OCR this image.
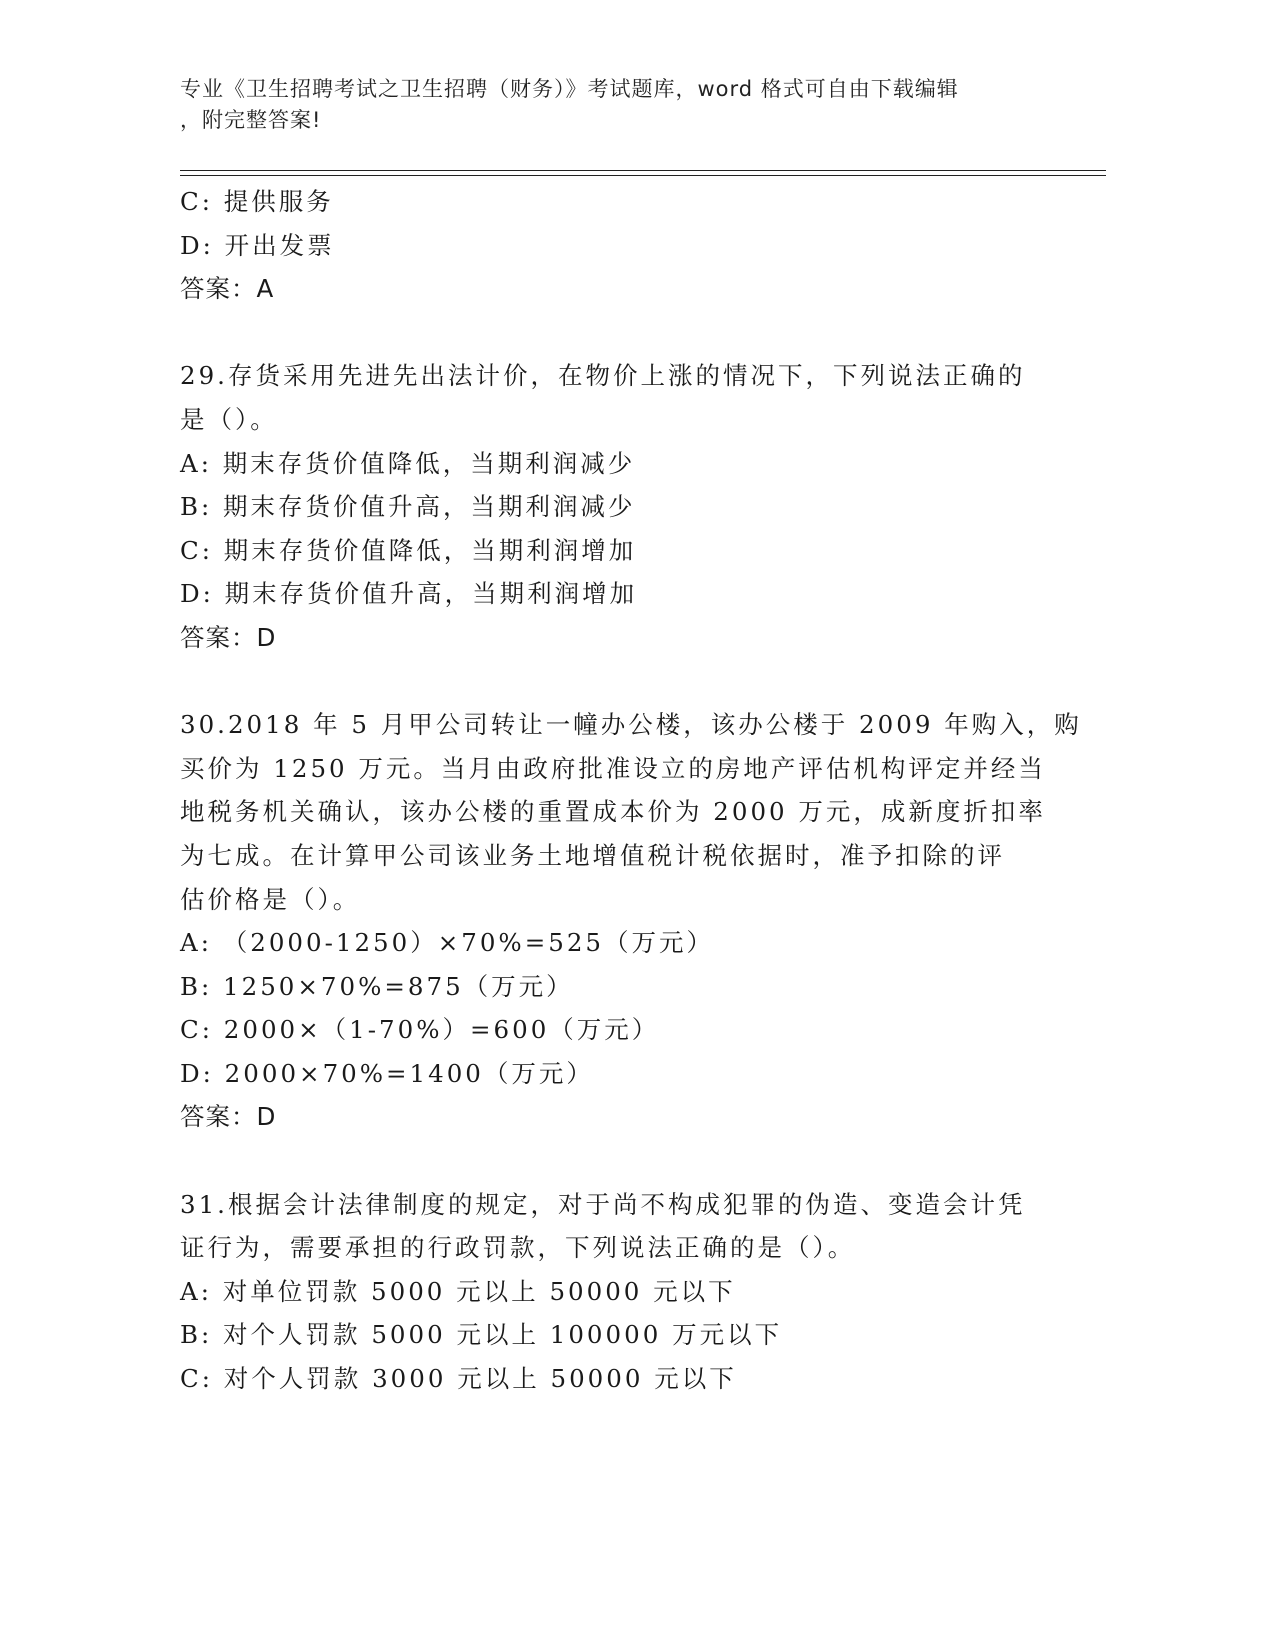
专业《卫生招聘考试之卫生招聘（财务）》考试题库，word 格式可自由下载编辑
，附完整答案!
C: 提供服务
D: 开出发票
答案：A
29.存货采用先进先出法计价，在物价上涨的情况下，下列说法正确的
是（）。
A: 期末存货价值降低，当期利润减少
B: 期末存货价值升高，当期利润减少
C: 期末存货价值降低，当期利润增加
D: 期末存货价值升高，当期利润增加
答案：D
30.2018 年 5 月甲公司转让一幢办公楼，该办公楼于 2009 年购入，购
买价为 1250 万元。当月由政府批准设立的房地产评估机构评定并经当
地税务机关确认，该办公楼的重置成本价为 2000 万元，成新度折扣率
为七成。在计算甲公司该业务土地增值税计税依据时，准予扣除的评
估价格是（）。
A: （2000-1250）×70%=525（万元）
B: 1250×70%=875（万元）
C: 2000×（1-70%）=600（万元）
D: 2000×70%=1400（万元）
答案：D
31.根据会计法律制度的规定，对于尚不构成犯罪的伪造、变造会计凭
证行为，需要承担的行政罚款，下列说法正确的是（）。
A: 对单位罚款 5000 元以上 50000 元以下
B: 对个人罚款 5000 元以上 100000 万元以下
C: 对个人罚款 3000 元以上 50000 元以下
